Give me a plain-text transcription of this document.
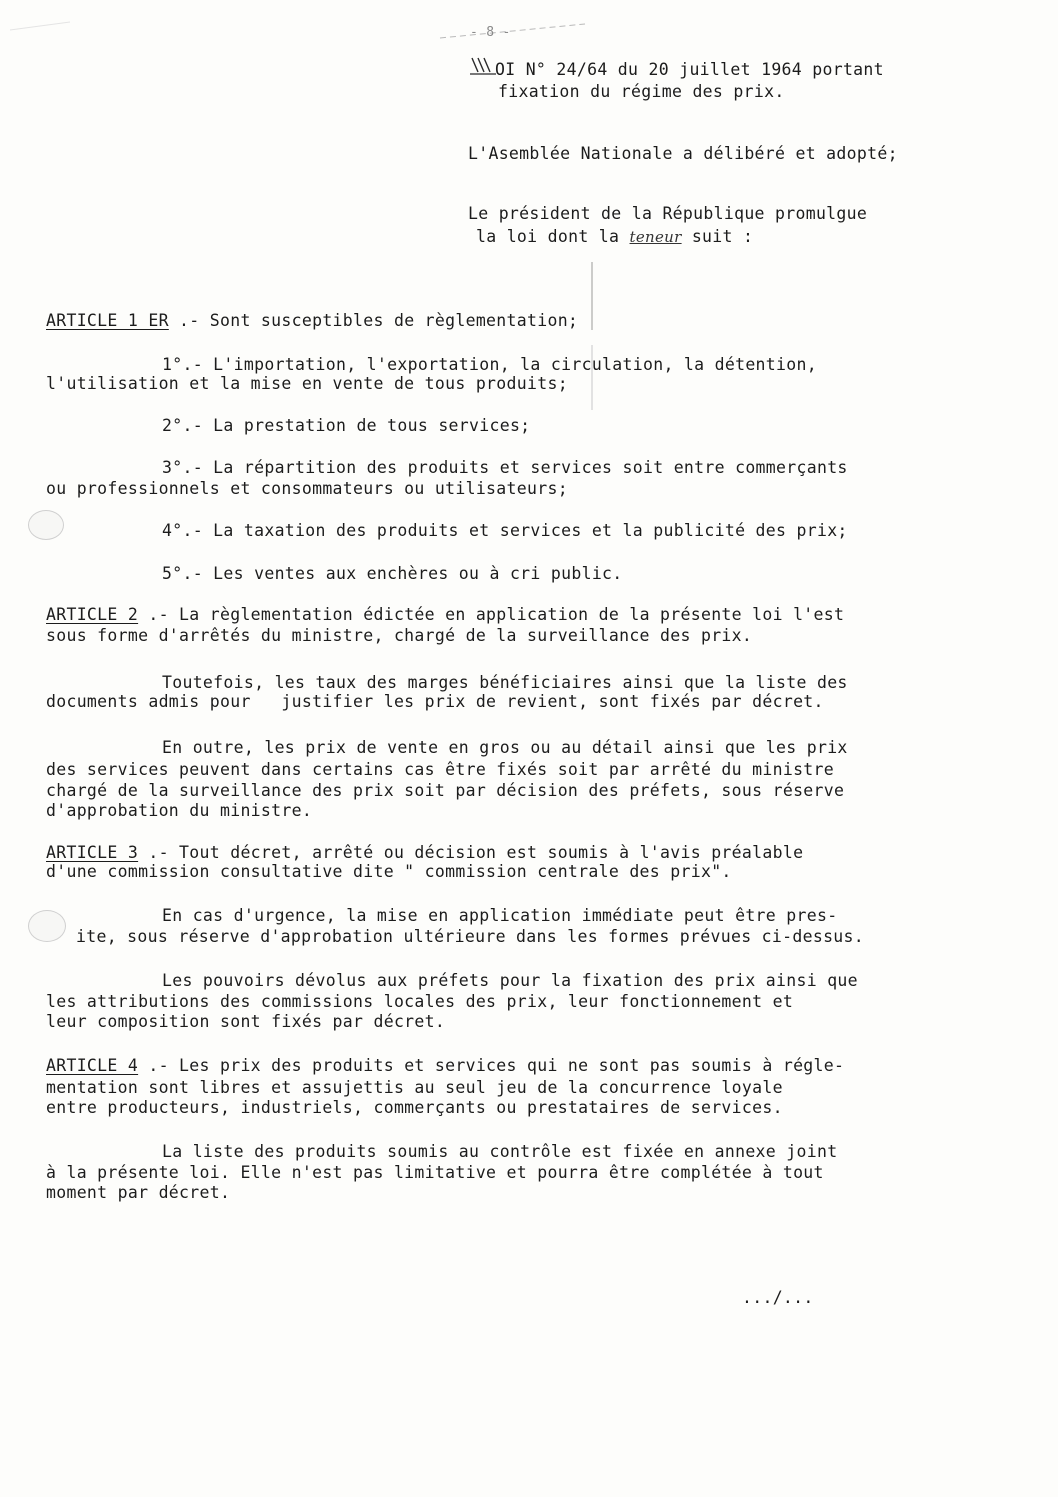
- 8 -
OI N° 24/64 du 20 juillet 1964 portant
fixation du régime des prix.
L'Asemblée Nationale a délibéré et adopté;
Le président de la République promulgue
la loi dont la teneur suit :
ARTICLE 1 ER .- Sont susceptibles de règlementation;
1°.- L'importation, l'exportation, la circulation, la détention,
l'utilisation et la mise en vente de tous produits;
2°.- La prestation de tous services;
3°.- La répartition des produits et services soit entre commerçants
ou professionnels et consommateurs ou utilisateurs;
4°.- La taxation des produits et services et la publicité des prix;
5°.- Les ventes aux enchères ou à cri public.
ARTICLE 2 .- La règlementation édictée en application de la présente loi l'est
sous forme d'arrêtés du ministre, chargé de la surveillance des prix.
Toutefois, les taux des marges bénéficiaires ainsi que la liste des
documents admis pour   justifier les prix de revient, sont fixés par décret.
En outre, les prix de vente en gros ou au détail ainsi que les prix
des services peuvent dans certains cas être fixés soit par arrêté du ministre
chargé de la surveillance des prix soit par décision des préfets, sous réserve
d'approbation du ministre.
ARTICLE 3 .- Tout décret, arrêté ou décision est soumis à l'avis préalable
d'une commission consultative dite " commission centrale des prix".
En cas d'urgence, la mise en application immédiate peut être pres-
ite, sous réserve d'approbation ultérieure dans les formes prévues ci-dessus.
Les pouvoirs dévolus aux préfets pour la fixation des prix ainsi que
les attributions des commissions locales des prix, leur fonctionnement et
leur composition sont fixés par décret.
ARTICLE 4 .- Les prix des produits et services qui ne sont pas soumis à régle-
mentation sont libres et assujettis au seul jeu de la concurrence loyale
entre producteurs, industriels, commerçants ou prestataires de services.
La liste des produits soumis au contrôle est fixée en annexe joint
à la présente loi. Elle n'est pas limitative et pourra être complétée à tout
moment par décret.
.../...
